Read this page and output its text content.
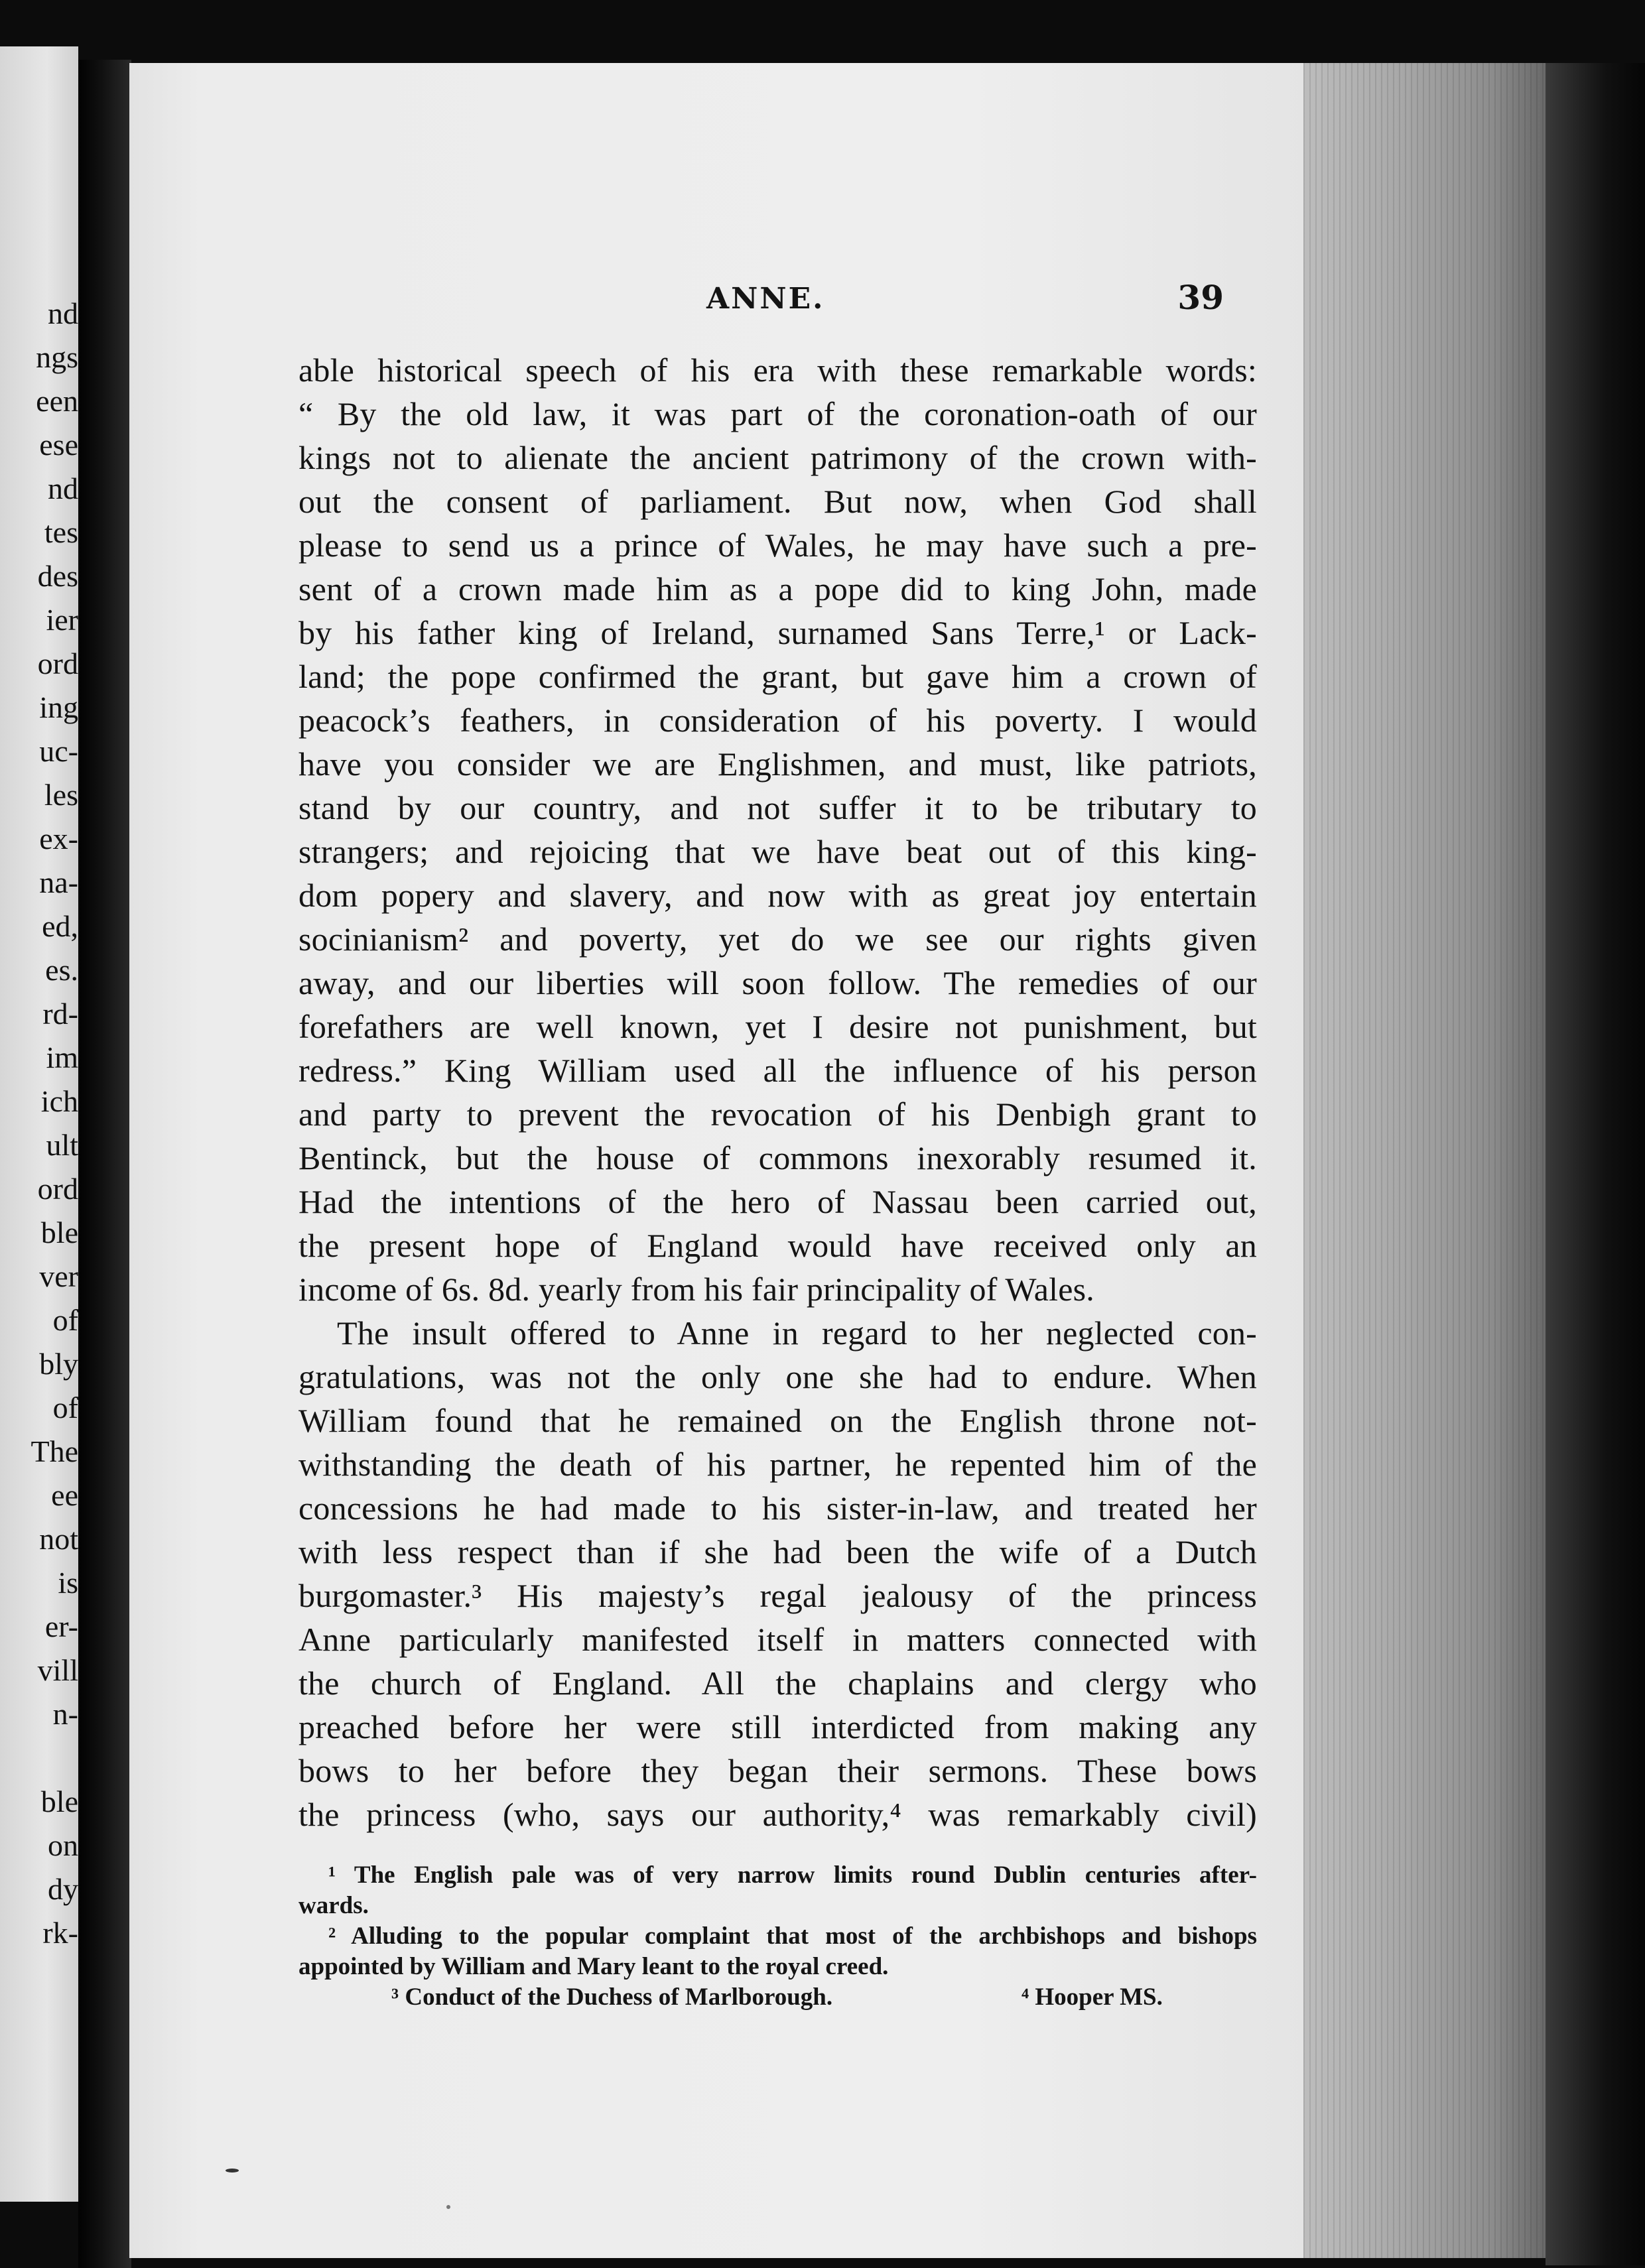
nd
ngs
een
ese
nd
tes
des
ier
ord
ing
uc-
les
ex-
na-
ed,
es.
rd-
im
ich
ult
ord
ble
ver
of
bly
of
The
ee
not
is
er-
vill
n-
ble
on
dy
rk-
ANNE.	39
able historical speech of his era with these remarkable words:
“ By the old law, it was part of the coronation-oath of our
kings not to alienate the ancient patrimony of the crown with-
out the consent of parliament. But now, when God shall
please to send us a prince of Wales, he may have such a pre-
sent of a crown made him as a pope did to king John, made
by his father king of Ireland, surnamed Sans Terre,¹ or Lack-
land; the pope confirmed the grant, but gave him a crown of
peacock’s feathers, in consideration of his poverty. I would
have you consider we are Englishmen, and must, like patriots,
stand by our country, and not suffer it to be tributary to
strangers; and rejoicing that we have beat out of this king-
dom popery and slavery, and now with as great joy entertain
socinianism² and poverty, yet do we see our rights given
away, and our liberties will soon follow. The remedies of our
forefathers are well known, yet I desire not punishment, but
redress.” King William used all the influence of his person
and party to prevent the revocation of his Denbigh grant to
Bentinck, but the house of commons inexorably resumed it.
Had the intentions of the hero of Nassau been carried out,
the present hope of England would have received only an
income of 6s. 8d. yearly from his fair principality of Wales.
The insult offered to Anne in regard to her neglected con-
gratulations, was not the only one she had to endure. When
William found that he remained on the English throne not-
withstanding the death of his partner, he repented him of the
concessions he had made to his sister-in-law, and treated her
with less respect than if she had been the wife of a Dutch
burgomaster.³ His majesty’s regal jealousy of the princess
Anne particularly manifested itself in matters connected with
the church of England. All the chaplains and clergy who
preached before her were still interdicted from making any
bows to her before they began their sermons. These bows
the princess (who, says our authority,⁴ was remarkably civil)
¹ The English pale was of very narrow limits round Dublin centuries after-
wards.
² Alluding to the popular complaint that most of the archbishops and bishops
appointed by William and Mary leant to the royal creed.
³ Conduct of the Duchess of Marlborough.	⁴ Hooper MS.
